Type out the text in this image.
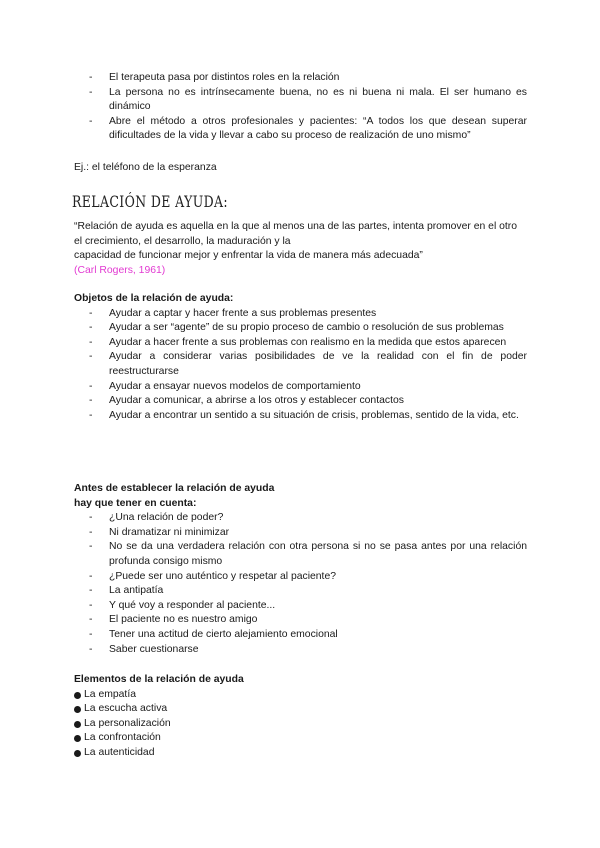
- El terapeuta pasa por distintos roles en la relación
- La persona no es intrínsecamente buena, no es ni buena ni mala. El ser humano es dinámico
- Abre el método a otros profesionales y pacientes: “A todos los que desean superar dificultades de la vida y llevar a cabo su proceso de realización de uno mismo”

Ej.: el teléfono de la esperanza

RELACIÓN DE AYUDA:

“Relación de ayuda es aquella en la que al menos una de las partes, intenta promover en el otro el crecimiento, el desarrollo, la maduración y la
capacidad de funcionar mejor y enfrentar la vida de manera más adecuada”

(Carl Rogers, 1961)

Objetos de la relación de ayuda:

- Ayudar a captar y hacer frente a sus problemas presentes
- Ayudar a ser “agente” de su propio proceso de cambio o resolución de sus problemas
- Ayudar a hacer frente a sus problemas con realismo en la medida que estos aparecen
- Ayudar a considerar varias posibilidades de ve la realidad con el fin de poder reestructurarse
- Ayudar a ensayar nuevos modelos de comportamiento
- Ayudar a comunicar, a abrirse a los otros y establecer contactos
- Ayudar a encontrar un sentido a su situación de crisis, problemas, sentido de la vida, etc.

Antes de establecer la relación de ayuda
hay que tener en cuenta:

- ¿Una relación de poder?
- Ni dramatizar ni minimizar
- No se da una verdadera relación con otra persona si no se pasa antes por una relación profunda consigo mismo
- ¿Puede ser uno auténtico y respetar al paciente?
- La antipatía
- Y qué voy a responder al paciente...
- El paciente no es nuestro amigo
- Tener una actitud de cierto alejamiento emocional
- Saber cuestionarse

Elementos de la relación de ayuda

La empatía
La escucha activa
La personalización
La confrontación
La autenticidad
